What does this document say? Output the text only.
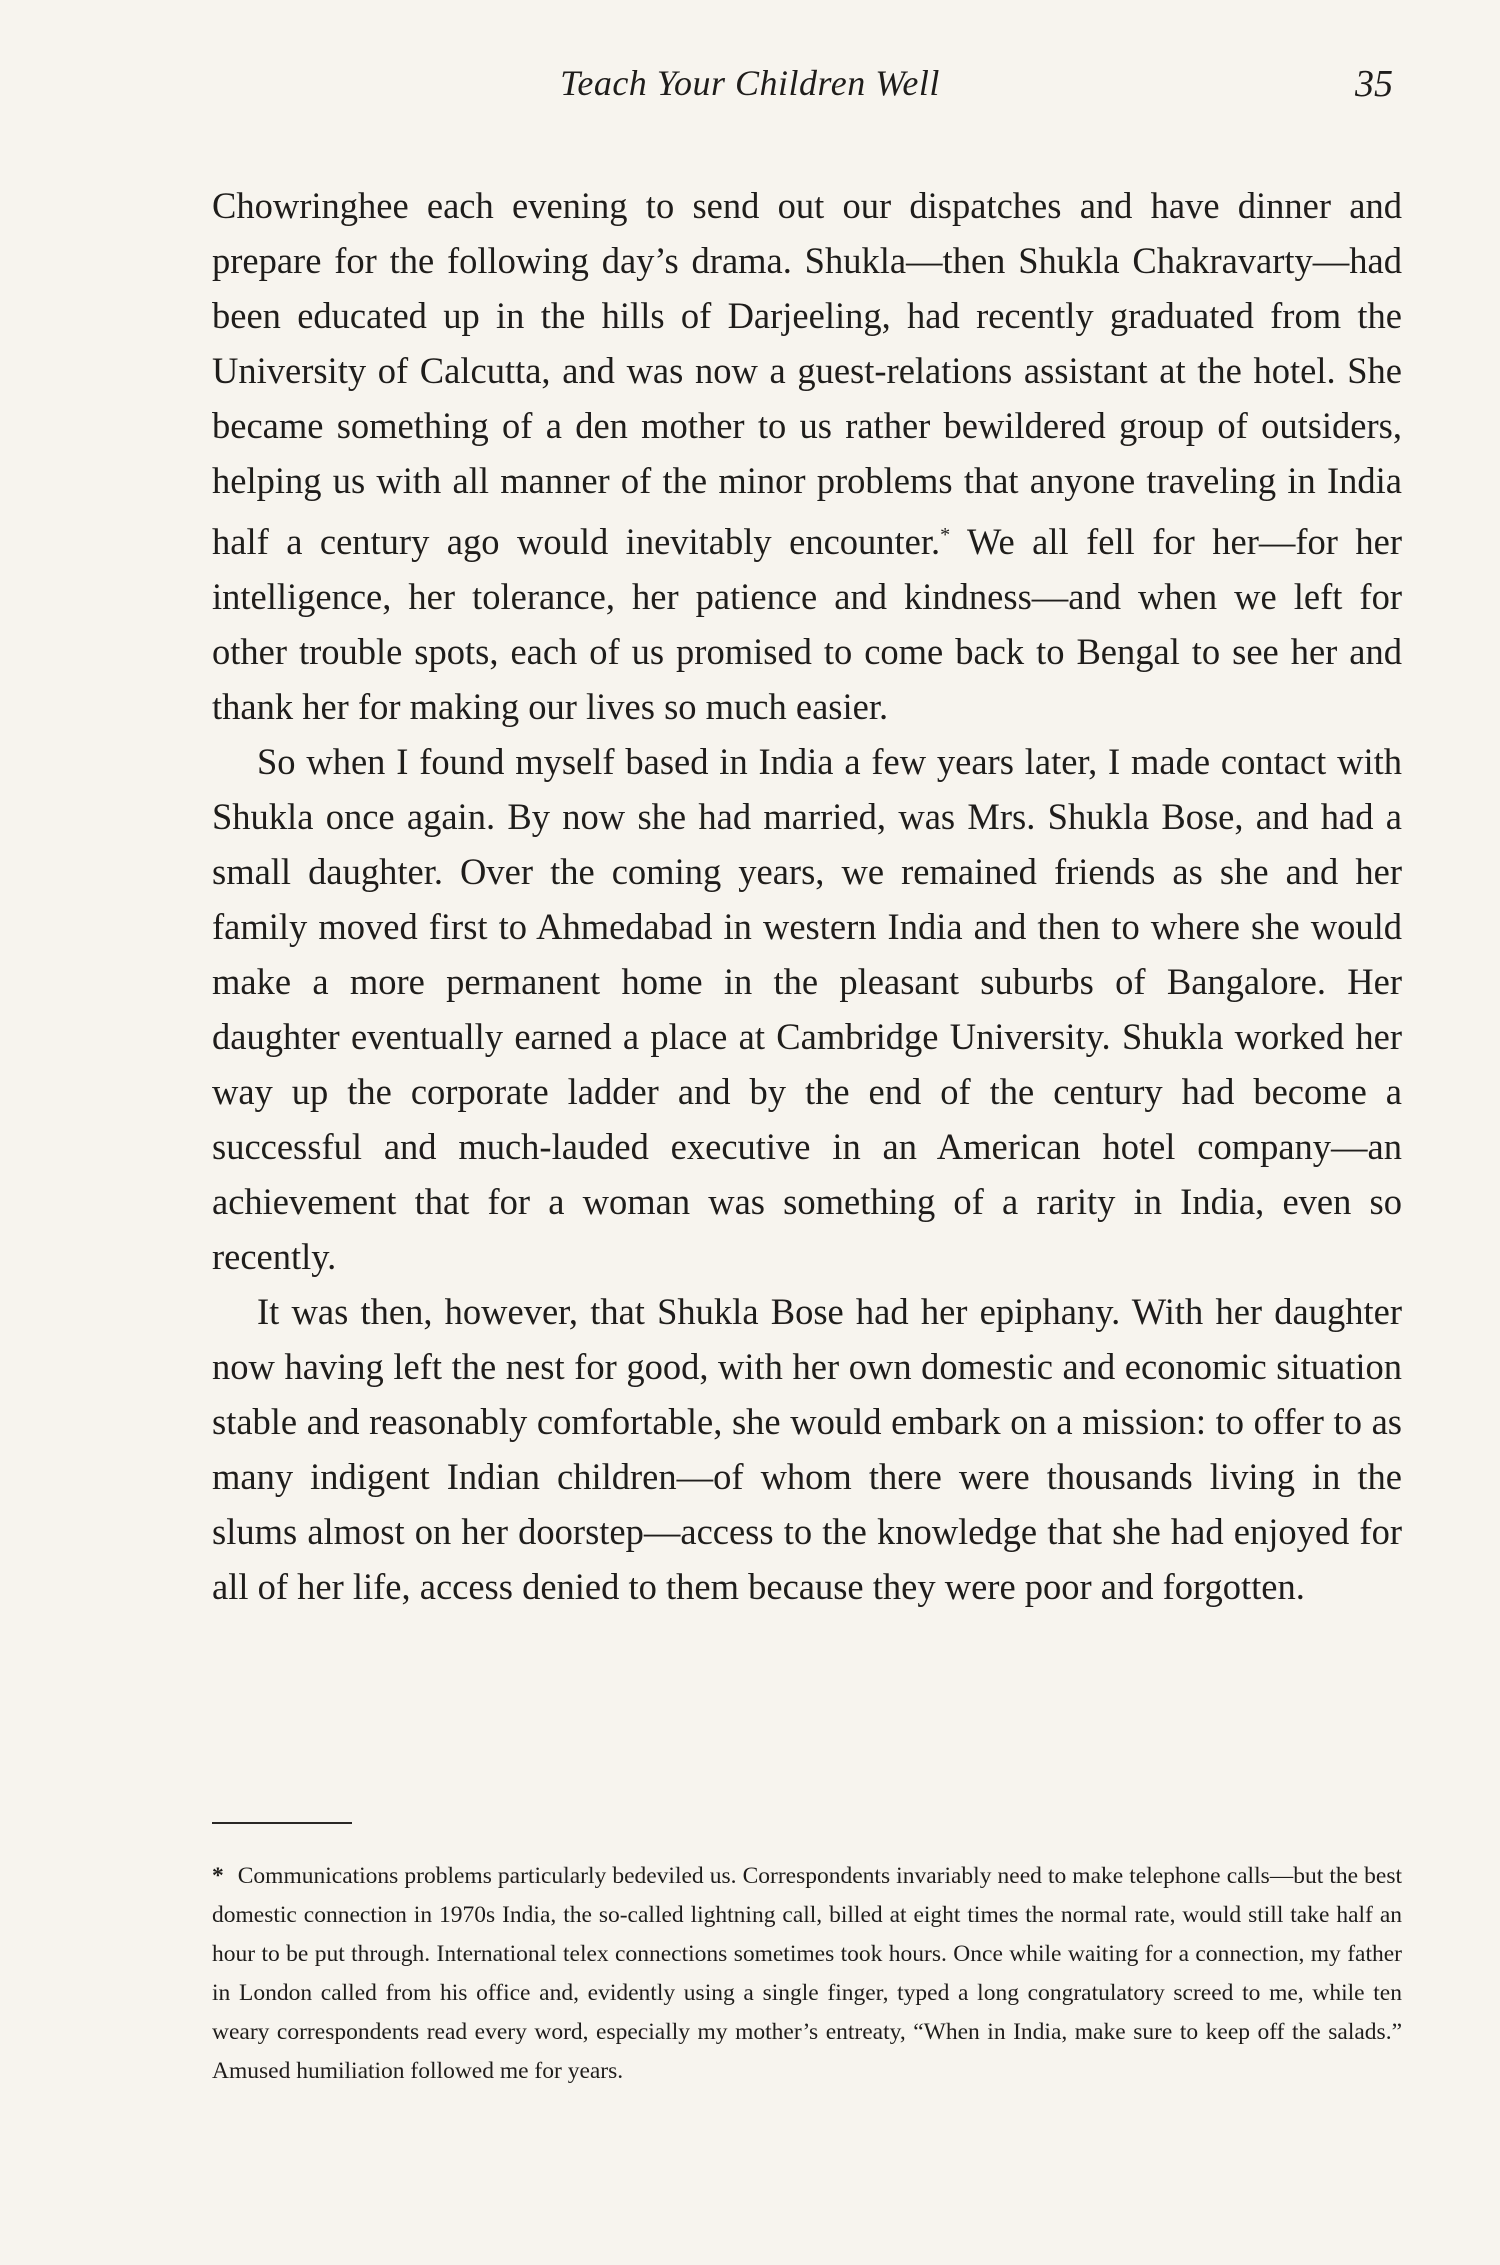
Teach Your Children Well	35

Chowringhee each evening to send out our dispatches and have dinner and prepare for the following day’s drama. Shukla—then Shukla Chakravarty—had been educated up in the hills of Darjeeling, had recently graduated from the University of Calcutta, and was now a guest-relations assistant at the hotel. She became something of a den mother to us rather bewildered group of outsiders, helping us with all manner of the minor problems that anyone traveling in India half a century ago would inevitably encounter.* We all fell for her—for her intelligence, her tolerance, her patience and kindness—and when we left for other trouble spots, each of us promised to come back to Bengal to see her and thank her for making our lives so much easier.

So when I found myself based in India a few years later, I made contact with Shukla once again. By now she had married, was Mrs. Shukla Bose, and had a small daughter. Over the coming years, we remained friends as she and her family moved first to Ahmedabad in western India and then to where she would make a more permanent home in the pleasant suburbs of Bangalore. Her daughter eventually earned a place at Cambridge University. Shukla worked her way up the corporate ladder and by the end of the century had become a successful and much-lauded executive in an American hotel company—an achievement that for a woman was something of a rarity in India, even so recently.

It was then, however, that Shukla Bose had her epiphany. With her daughter now having left the nest for good, with her own domestic and economic situation stable and reasonably comfortable, she would embark on a mission: to offer to as many indigent Indian children—of whom there were thousands living in the slums almost on her doorstep—access to the knowledge that she had enjoyed for all of her life, access denied to them because they were poor and forgotten.

* Communications problems particularly bedeviled us. Correspondents invariably need to make telephone calls—but the best domestic connection in 1970s India, the so-called lightning call, billed at eight times the normal rate, would still take half an hour to be put through. International telex connections sometimes took hours. Once while waiting for a connection, my father in London called from his office and, evidently using a single finger, typed a long congratulatory screed to me, while ten weary correspondents read every word, especially my mother’s entreaty, “When in India, make sure to keep off the salads.” Amused humiliation followed me for years.
